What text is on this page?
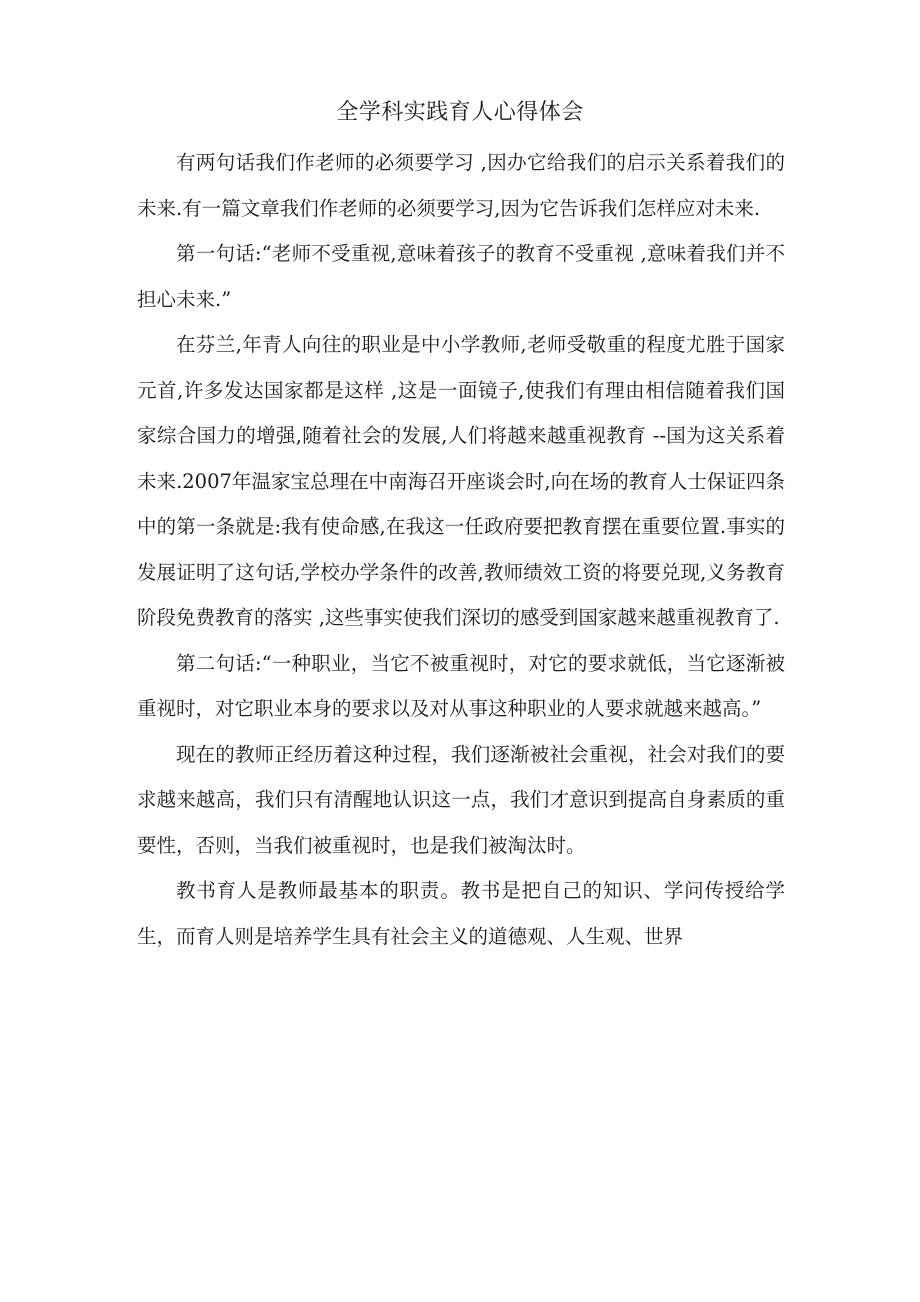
全学科实践育人心得体会

有两句话我们作老师的必须要学习 ,因办它给我们的启示关系着我们的未来.有一篇文章我们作老师的必须要学习,因为它告诉我们怎样应对未来.

第一句话:“老师不受重视,意味着孩子的教育不受重视 ,意味着我们并不担心未来.”

在芬兰,年青人向往的职业是中小学教师,老师受敬重的程度尤胜于国家元首,许多发达国家都是这样 ,这是一面镜子,使我们有理由相信随着我们国家综合国力的增强,随着社会的发展,人们将越来越重视教育 --国为这关系着未来.2007年温家宝总理在中南海召开座谈会时,向在场的教育人士保证四条中的第一条就是:我有使命感,在我这一任政府要把教育摆在重要位置.事实的发展证明了这句话,学校办学条件的改善,教师绩效工资的将要兑现,义务教育阶段免费教育的落实 ,这些事实使我们深切的感受到国家越来越重视教育了.

第二句话:“一种职业，当它不被重视时，对它的要求就低，当它逐渐被重视时，对它职业本身的要求以及对从事这种职业的人要求就越来越高。”

现在的教师正经历着这种过程，我们逐渐被社会重视，社会对我们的要求越来越高，我们只有清醒地认识这一点，我们才意识到提高自身素质的重要性，否则，当我们被重视时，也是我们被淘汰时。

教书育人是教师最基本的职责。教书是把自己的知识、学问传授给学生，而育人则是培养学生具有社会主义的道德观、人生观、世界
